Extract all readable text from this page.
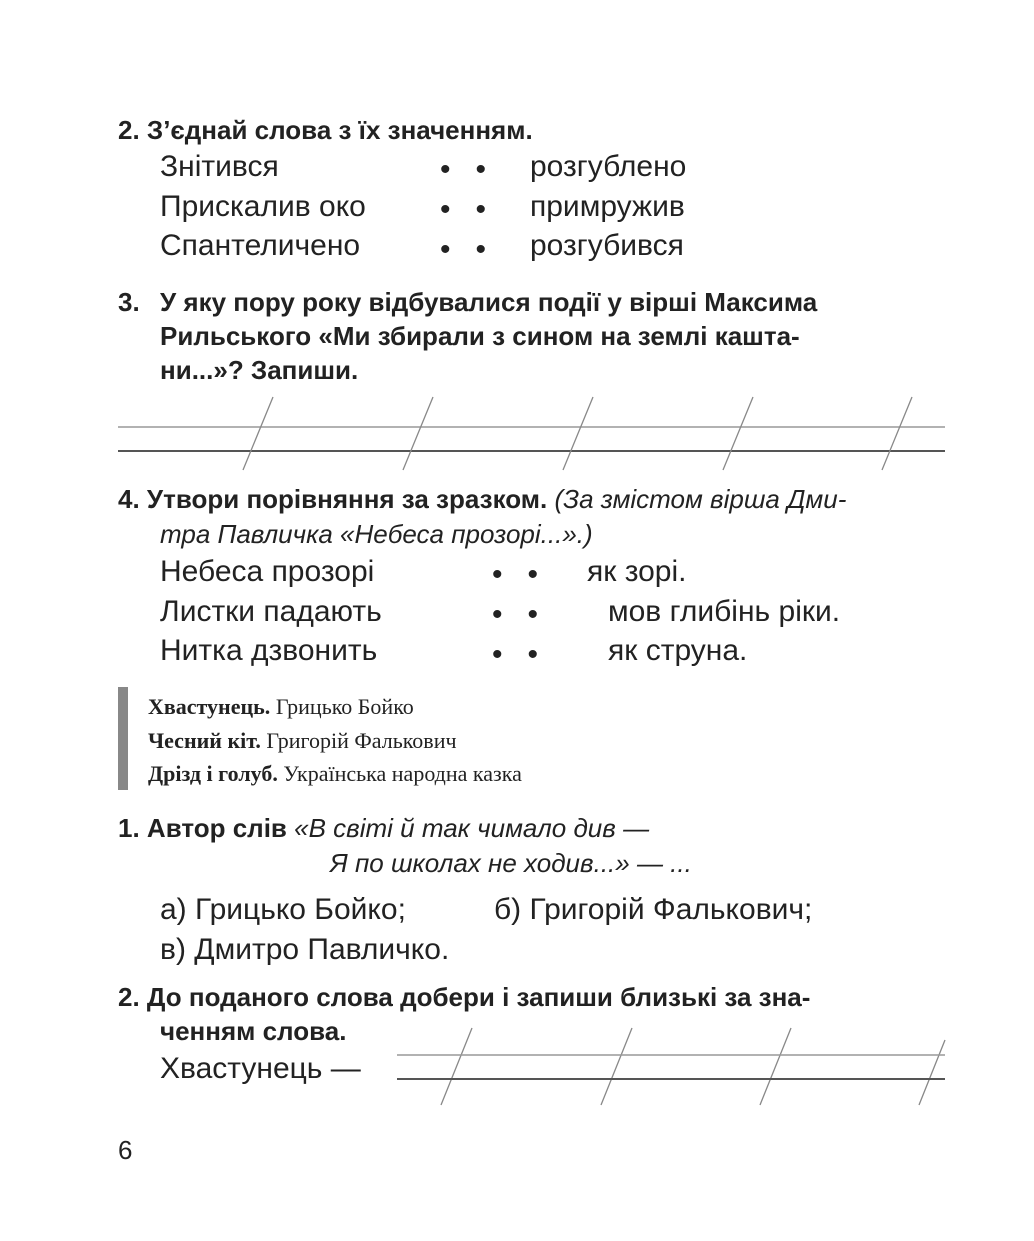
2. З’єднай слова з їх значенням.
Знітився
Прискалив око
Спантеличено
• •
• •
• •
розгублено
примружив
розгубився
3. У яку пору року відбувалися події у вірші Максима
Рильського «Ми збирали з сином на землі кашта-
ни...»? Запиши.
4. Утвори порівняння за зразком. (За змістом вірша Дми-
тра Павличка «Небеса прозорі...».)
Небеса прозорі
Листки падають
Нитка дзвонить
• •
• •
• •
як зорі.
мов глибінь ріки.
як струна.
Хвастунець. Грицько Бойко
Чесний кіт. Григорій Фалькович
Дрізд і голуб. Українська народна казка
1. Автор слів «В світі й так чимало див —
Я по школах не ходив...» — ...
а) Грицько Бойко;	б) Григорій Фалькович;
в) Дмитро Павличко.
2. До поданого слова добери і запиши близькі за зна-
ченням слова.
Хвастунець —
6
